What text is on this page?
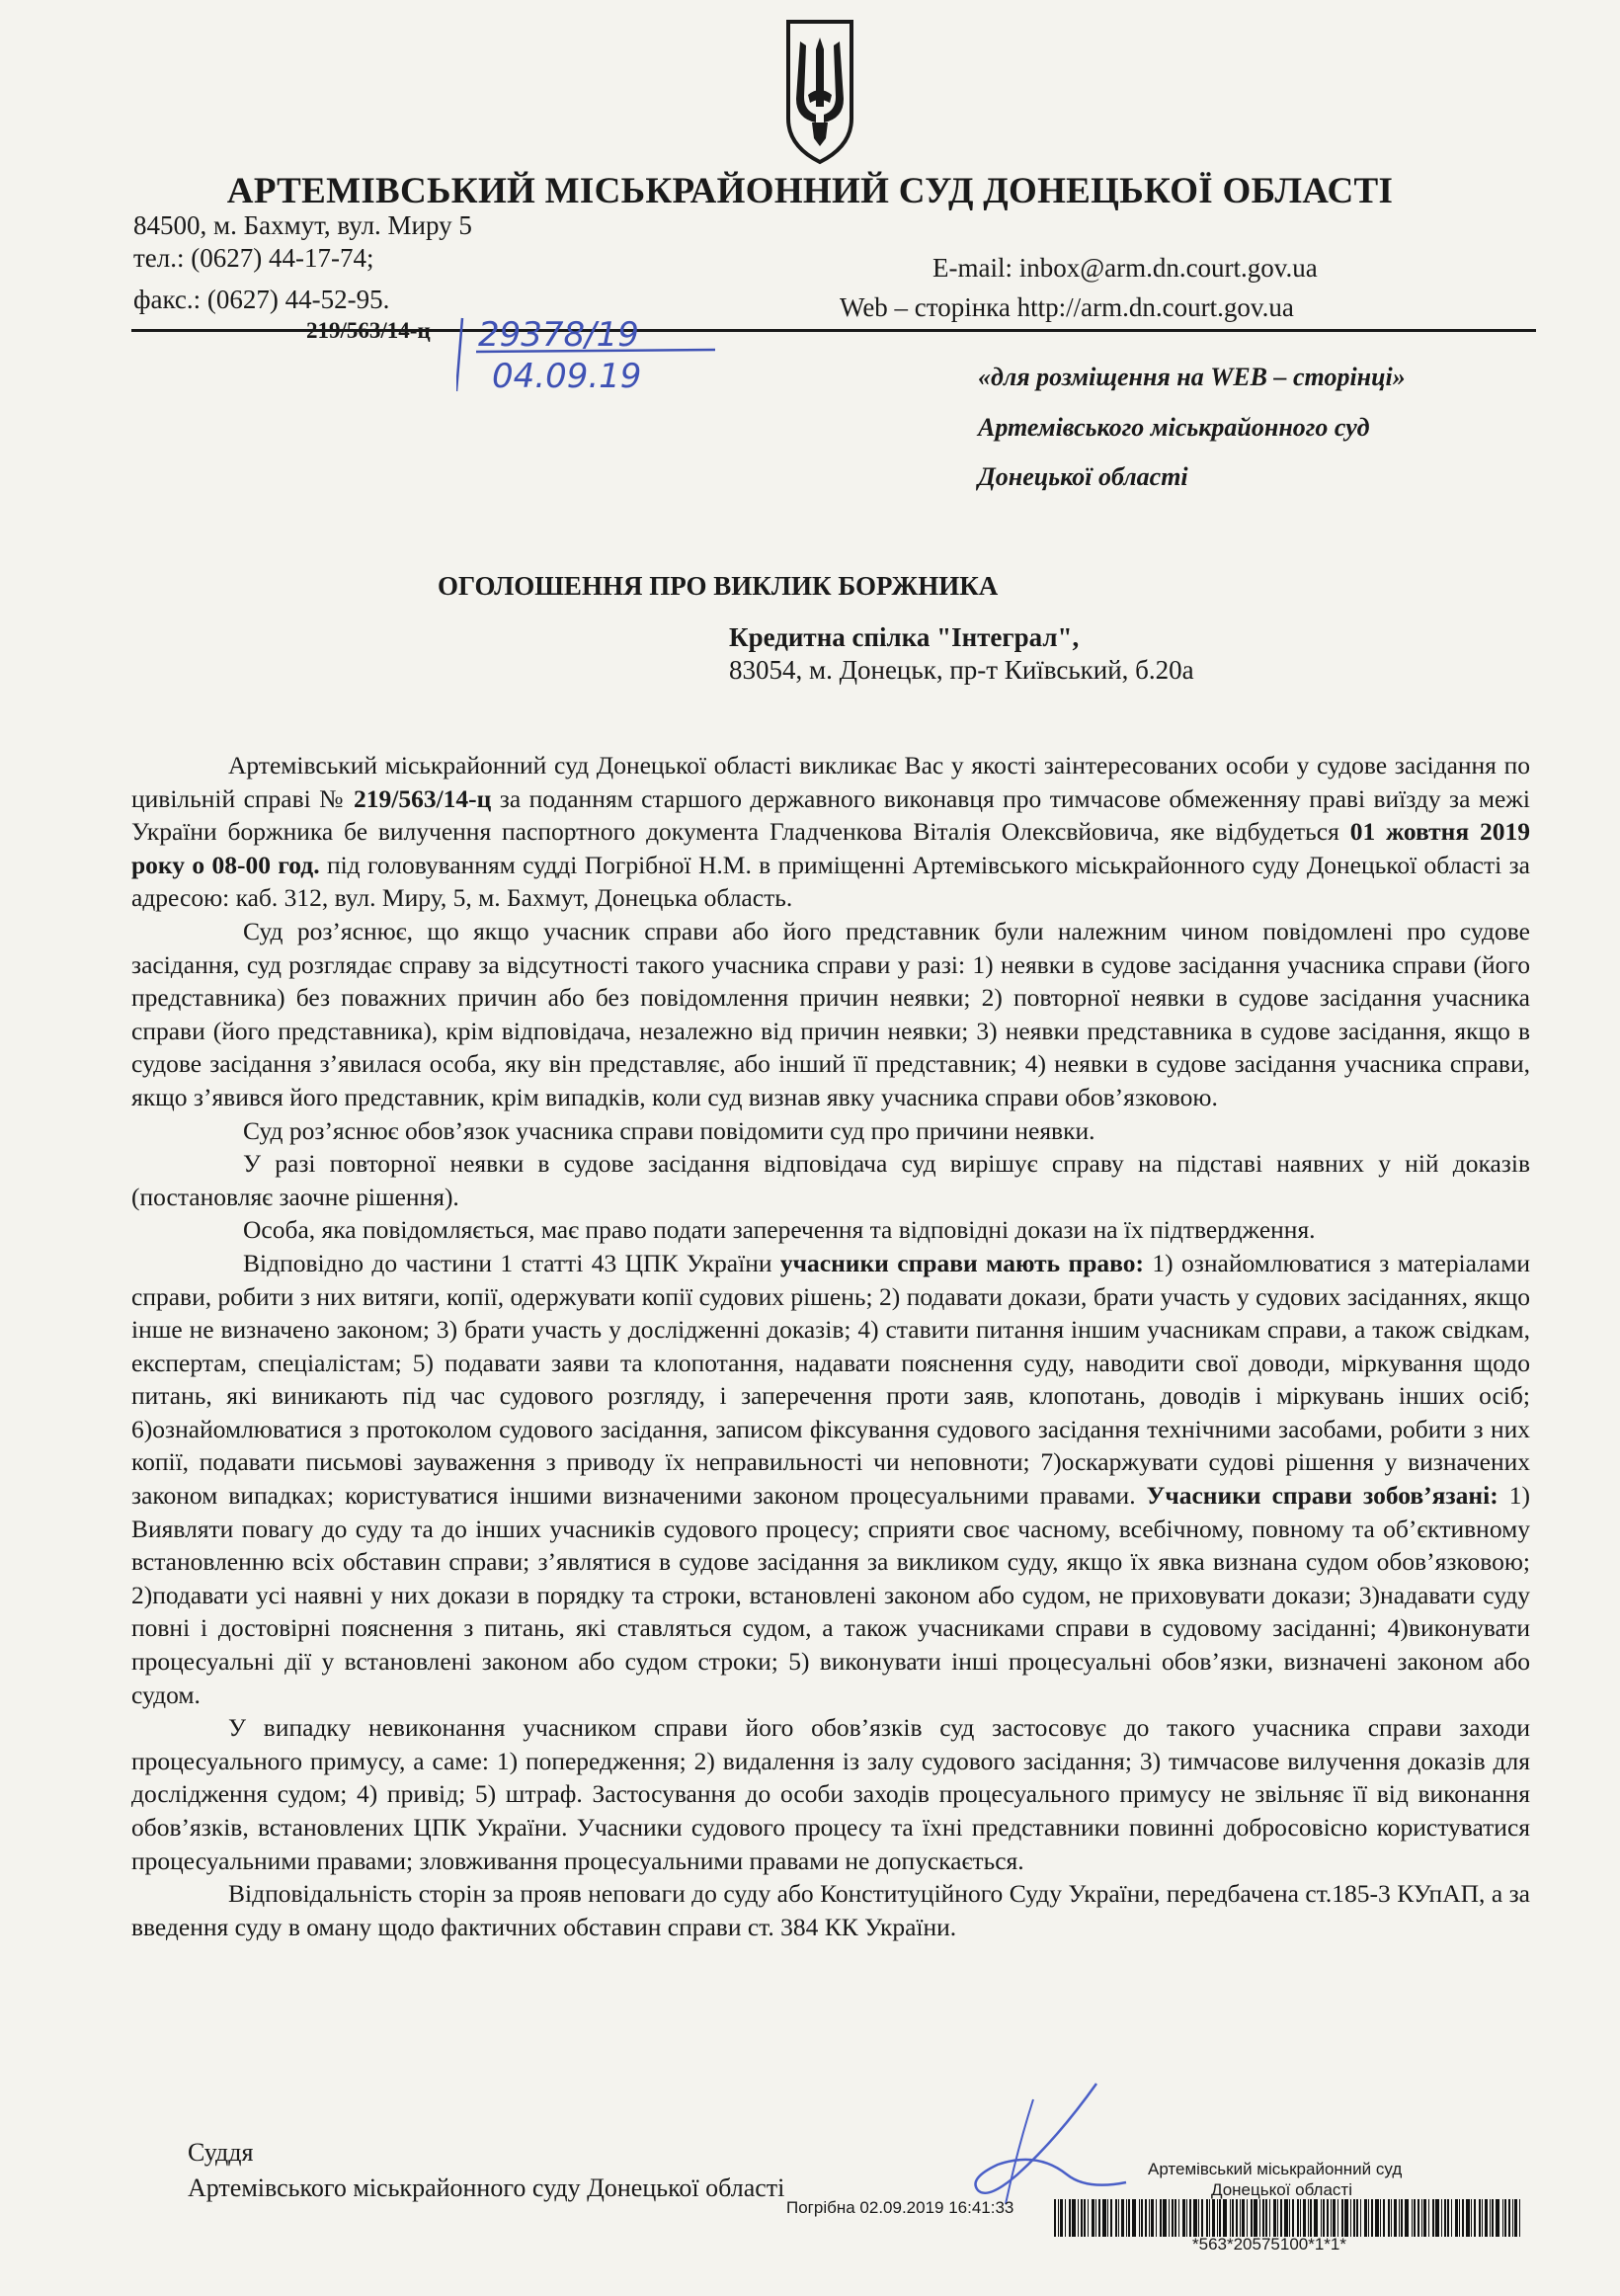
АРТЕМІВСЬКИЙ МІСЬКРАЙОННИЙ СУД ДОНЕЦЬКОЇ ОБЛАСТІ
84500, м. Бахмут, вул. Миру 5
тел.: (0627) 44-17-74;
факс.: (0627) 44-52-95.
E-mail: inbox@arm.dn.court.gov.ua
Web – сторінка http://arm.dn.court.gov.ua
219/563/14-ц 29378/19
04.09.19	«для розміщення на WEB – сторінці»
Артемівського міськрайонного суд
Донецької області
ОГОЛОШЕННЯ ПРО ВИКЛИК БОРЖНИКА
Кредитна спілка "Інтеграл",
83054, м. Донецьк, пр-т Київський, б.20а

Артемівський міськрайонний суд Донецької області викликає Вас у якості заінтересованих особи у судове засідання по цивільній справі № 219/563/14-ц за поданням старшого державного виконавця про тимчасове обмеженняу праві виїзду за межі України боржника бе вилучення паспортного документа Гладченкова Віталія Олексвйовича, яке відбудеться 01 жовтня 2019 року о 08-00 год. під головуванням судді Погрібної Н.М. в приміщенні Артемівського міськрайонного суду Донецької області за адресою: каб. 312, вул. Миру, 5, м. Бахмут, Донецька область.

Суд роз’яснює, що якщо учасник справи або його представник були належним чином повідомлені про судове засідання, суд розглядає справу за відсутності такого учасника справи у разі: 1) неявки в судове засідання учасника справи (його представника) без поважних причин або без повідомлення причин неявки; 2) повторної неявки в судове засідання учасника справи (його представника), крім відповідача, незалежно від причин неявки; 3) неявки представника в судове засідання, якщо в судове засідання з’явилася особа, яку він представляє, або інший її представник; 4) неявки в судове засідання учасника справи, якщо з’явився його представник, крім випадків, коли суд визнав явку учасника справи обов’язковою.

Суд роз’яснює обов’язок учасника справи повідомити суд про причини неявки.

У разі повторної неявки в судове засідання відповідача суд вирішує справу на підставі наявних у ній доказів (постановляє заочне рішення).

Особа, яка повідомляється, має право подати заперечення та відповідні докази на їх підтвердження.

Відповідно до частини 1 статті 43 ЦПК України учасники справи мають право: 1) ознайомлюватися з матеріалами справи, робити з них витяги, копії, одержувати копії судових рішень; 2) подавати докази, брати участь у судових засіданнях, якщо інше не визначено законом; 3) брати участь у дослідженні доказів; 4) ставити питання іншим учасникам справи, а також свідкам, експертам, спеціалістам; 5) подавати заяви та клопотання, надавати пояснення суду, наводити свої доводи, міркування щодо питань, які виникають під час судового розгляду, і заперечення проти заяв, клопотань, доводів і міркувань інших осіб; 6)ознайомлюватися з протоколом судового засідання, записом фіксування судового засідання технічними засобами, робити з них копії, подавати письмові зауваження з приводу їх неправильності чи неповноти; 7)оскаржувати судові рішення у визначених законом випадках; користуватися іншими визначеними законом процесуальними правами. Учасники справи зобов’язані: 1) Виявляти повагу до суду та до інших учасників судового процесу; сприяти своє часному, всебічному, повному та об’єктивному встановленню всіх обставин справи; з’являтися в судове засідання за викликом суду, якщо їх явка визнана судом обов’язковою; 2)подавати усі наявні у них докази в порядку та строки, встановлені законом або судом, не приховувати докази; 3)надавати суду повні і достовірні пояснення з питань, які ставляться судом, а також учасниками справи в судовому засіданні; 4)виконувати процесуальні дії у встановлені законом або судом строки; 5) виконувати інші процесуальні обов’язки, визначені законом або судом.

У випадку невиконання учасником справи його обов’язків суд застосовує до такого учасника справи заходи процесуального примусу, а саме: 1) попередження; 2) видалення із залу судового засідання; 3) тимчасове вилучення доказів для дослідження судом; 4) привід; 5) штраф. Застосування до особи заходів процесуального примусу не звільняє її від виконання обов’язків, встановлених ЦПК України. Учасники судового процесу та їхні представники повинні добросовісно користуватися процесуальними правами; зловживання процесуальними правами не допускається.

Відповідальність сторін за прояв неповаги до суду або Конституційного Суду України, передбачена ст.185-3 КУпАП, а за введення суду в оману щодо фактичних обставин справи ст. 384 КК України.

Суддя
Артемівського міськрайонного суду Донецької області
Артемівський міськрайонний суд
Донецької області
Погрібна 02.09.2019 16:41:33
*563*20575100*1*1*
